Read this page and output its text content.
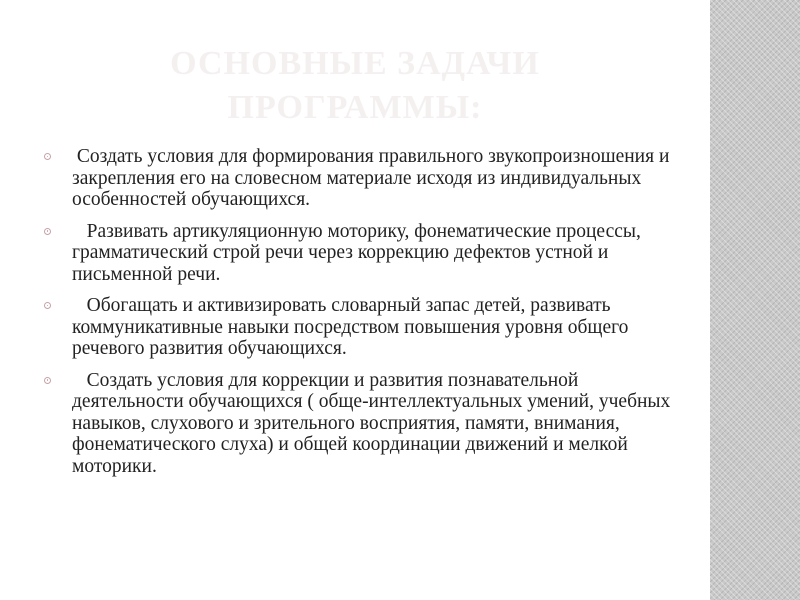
ОСНОВНЫЕ ЗАДАЧИ ПРОГРАММЫ:
Создать условия для формирования правильного звукопроизношения и закрепления его на словесном материале исходя из индивидуальных особенностей обучающихся.
Развивать артикуляционную моторику, фонематические процессы, грамматический строй речи через коррекцию дефектов устной и письменной речи.
Обогащать и активизировать словарный запас детей, развивать коммуникативные навыки посредством повышения уровня общего речевого развития обучающихся.
Создать условия для коррекции и развития познавательной деятельности обучающихся ( обще-интеллектуальных умений, учебных навыков, слухового и зрительного восприятия, памяти, внимания, фонематического слуха) и общей координации движений и мелкой моторики.
